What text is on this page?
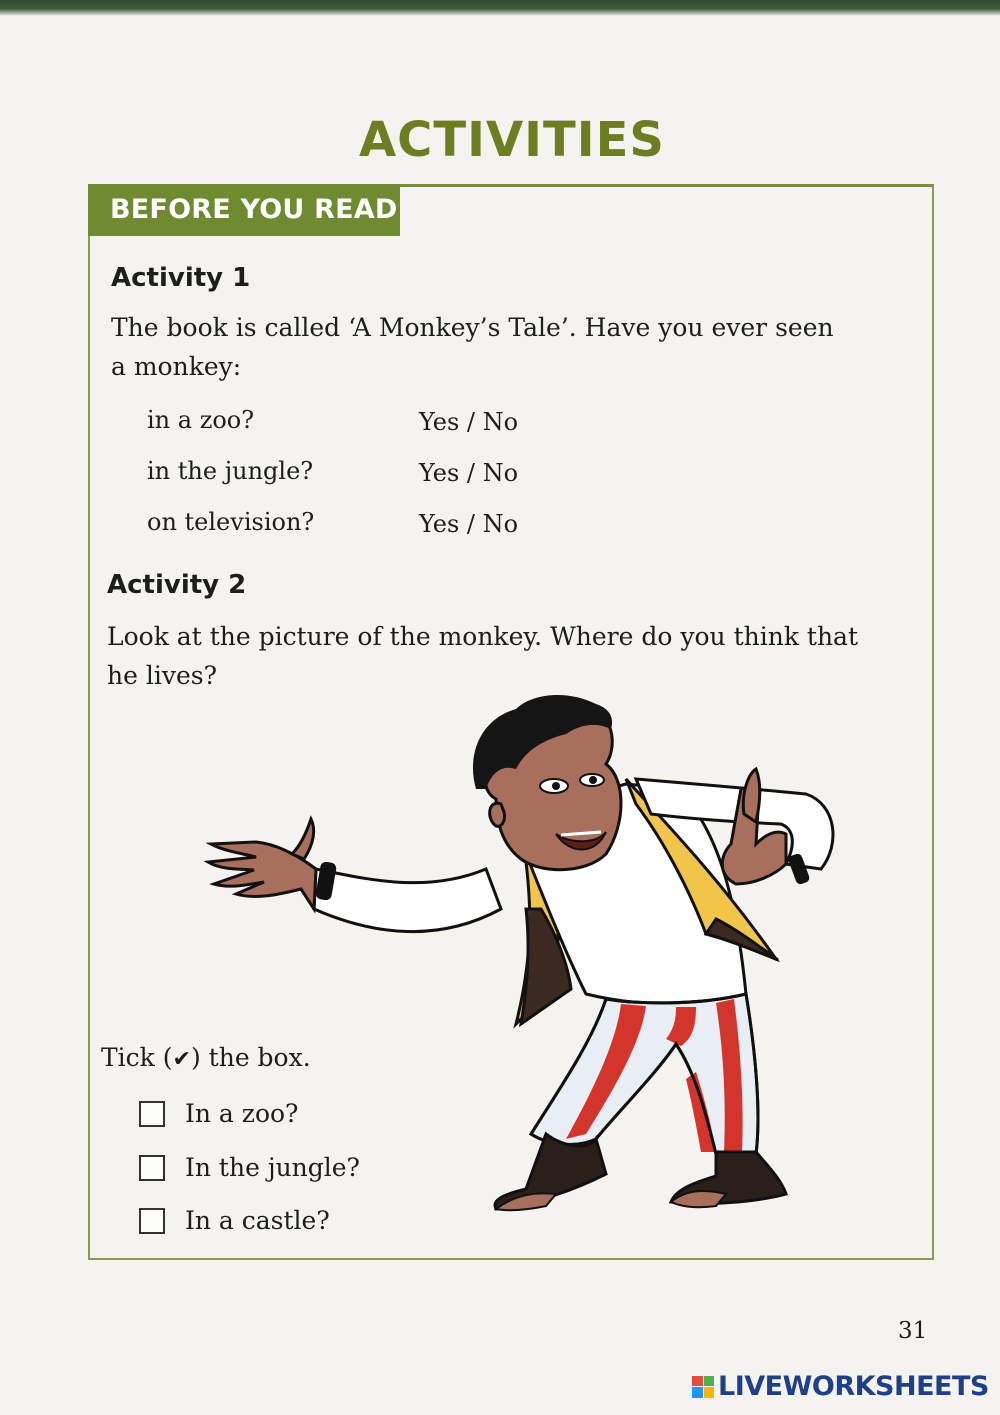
ACTIVITIES
BEFORE YOU READ
Activity 1
The book is called ‘A Monkey’s Tale’. Have you ever seen
a monkey:
in a zoo?	Yes / No
in the jungle?	Yes / No
on television?	Yes / No
Activity 2
Look at the picture of the monkey. Where do you think that
he lives?
Tick (✔) the box.
In a zoo?
In the jungle?
In a castle?
31
LIVEWORKSHEETS
